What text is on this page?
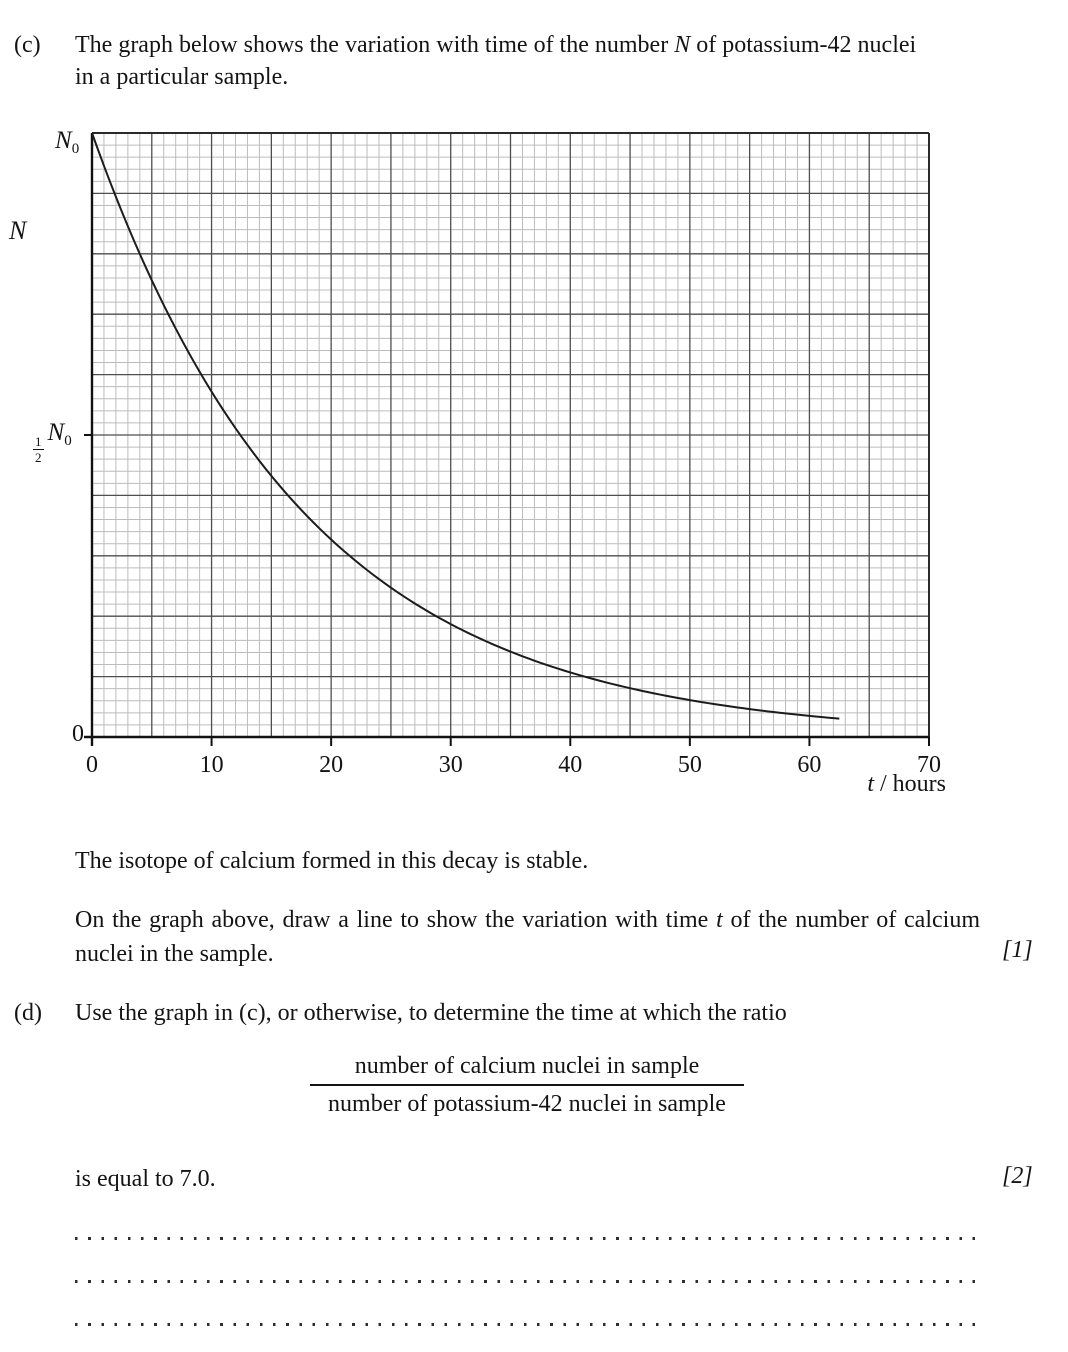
(c) The graph below shows the variation with time of the number N of potassium-42 nuclei
in a particular sample.
$N_0$
N
$\frac{1}{2}$
$N_0$
0
0	10	20	30	40	50	60	70
t / hours
The isotope of calcium formed in this decay is stable.
On the graph above, draw a line to show the variation with time t of the number of calcium nuclei in the sample.	[1]
(d) Use the graph in (c), or otherwise, to determine the time at which the ratio
number of calcium nuclei in sample
number of potassium-42 nuclei in sample
is equal to 7.0.	[2]
